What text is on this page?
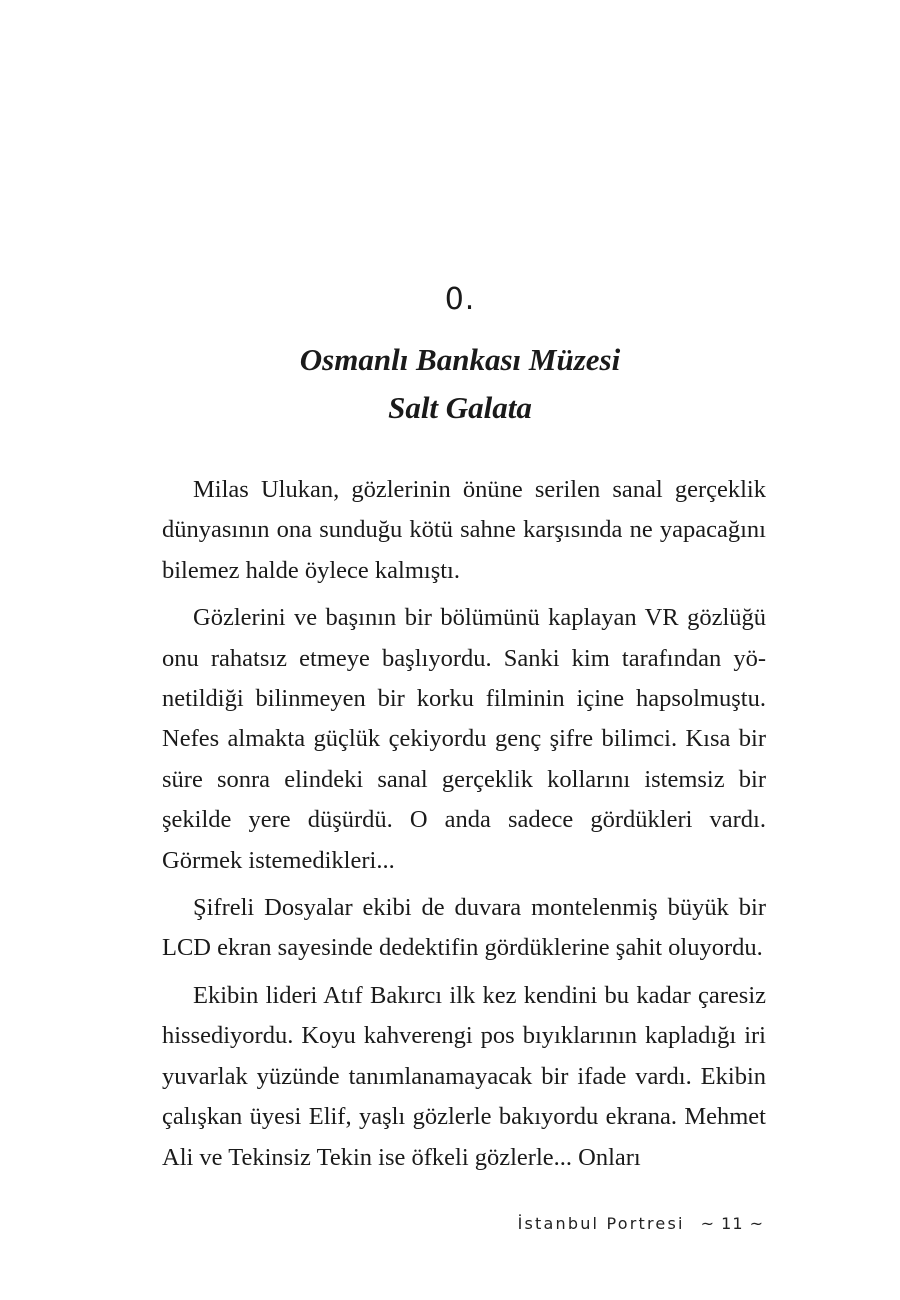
0.
Osmanlı Bankası Müzesi
Salt Galata

Milas Ulukan, gözlerinin önüne serilen sanal gerçeklik dünyasının ona sunduğu kötü sahne karşısında ne yapacağını bilemez halde öylece kalmıştı.

Gözlerini ve başının bir bölümünü kaplayan VR gözlüğü onu rahatsız etmeye başlıyordu. Sanki kim tarafından yö-netildiği bilinmeyen bir korku filminin içine hapsolmuştu. Nefes almakta güçlük çekiyordu genç şifre bilimci. Kısa bir süre sonra elindeki sanal gerçeklik kollarını istemsiz bir şekilde yere düşürdü. O anda sadece gördükleri vardı. Görmek istemedikleri...

Şifreli Dosyalar ekibi de duvara montelenmiş büyük bir LCD ekran sayesinde dedektifin gördüklerine şahit oluyordu.

Ekibin lideri Atıf Bakırcı ilk kez kendini bu kadar çaresiz hissediyordu. Koyu kahverengi pos bıyıklarının kapladığı iri yuvarlak yüzünde tanımlanamayacak bir ifade vardı. Ekibin çalışkan üyesi Elif, yaşlı gözlerle bakıyordu ekrana. Mehmet Ali ve Tekinsiz Tekin ise öfkeli gözlerle... Onları

İstanbul Portresi ~ 11 ~
